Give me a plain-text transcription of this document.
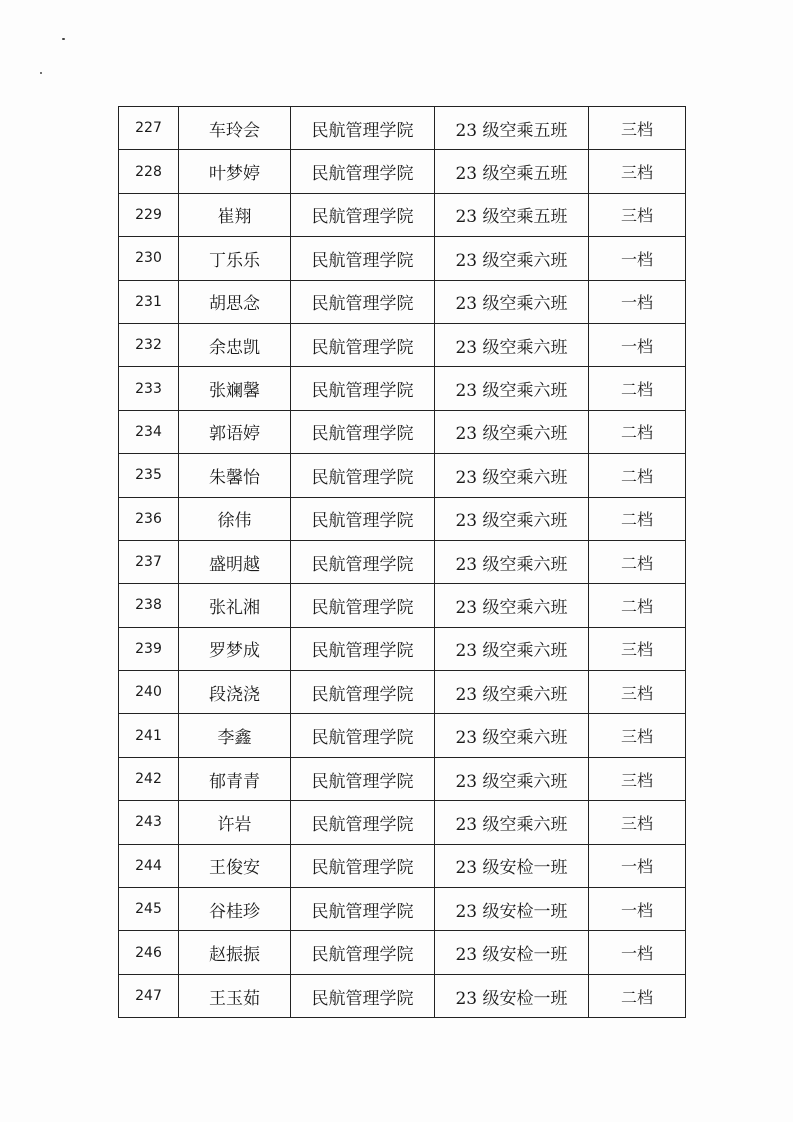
227	车玲会	民航管理学院	23 级空乘五班	三档
228	叶梦婷	民航管理学院	23 级空乘五班	三档
229	崔翔	民航管理学院	23 级空乘五班	三档
230	丁乐乐	民航管理学院	23 级空乘六班	一档
231	胡思念	民航管理学院	23 级空乘六班	一档
232	余忠凯	民航管理学院	23 级空乘六班	一档
233	张斓馨	民航管理学院	23 级空乘六班	二档
234	郭语婷	民航管理学院	23 级空乘六班	二档
235	朱馨怡	民航管理学院	23 级空乘六班	二档
236	徐伟	民航管理学院	23 级空乘六班	二档
237	盛明越	民航管理学院	23 级空乘六班	二档
238	张礼湘	民航管理学院	23 级空乘六班	二档
239	罗梦成	民航管理学院	23 级空乘六班	三档
240	段浇浇	民航管理学院	23 级空乘六班	三档
241	李鑫	民航管理学院	23 级空乘六班	三档
242	郁青青	民航管理学院	23 级空乘六班	三档
243	许岩	民航管理学院	23 级空乘六班	三档
244	王俊安	民航管理学院	23 级安检一班	一档
245	谷桂珍	民航管理学院	23 级安检一班	一档
246	赵振振	民航管理学院	23 级安检一班	一档
247	王玉茹	民航管理学院	23 级安检一班	二档
